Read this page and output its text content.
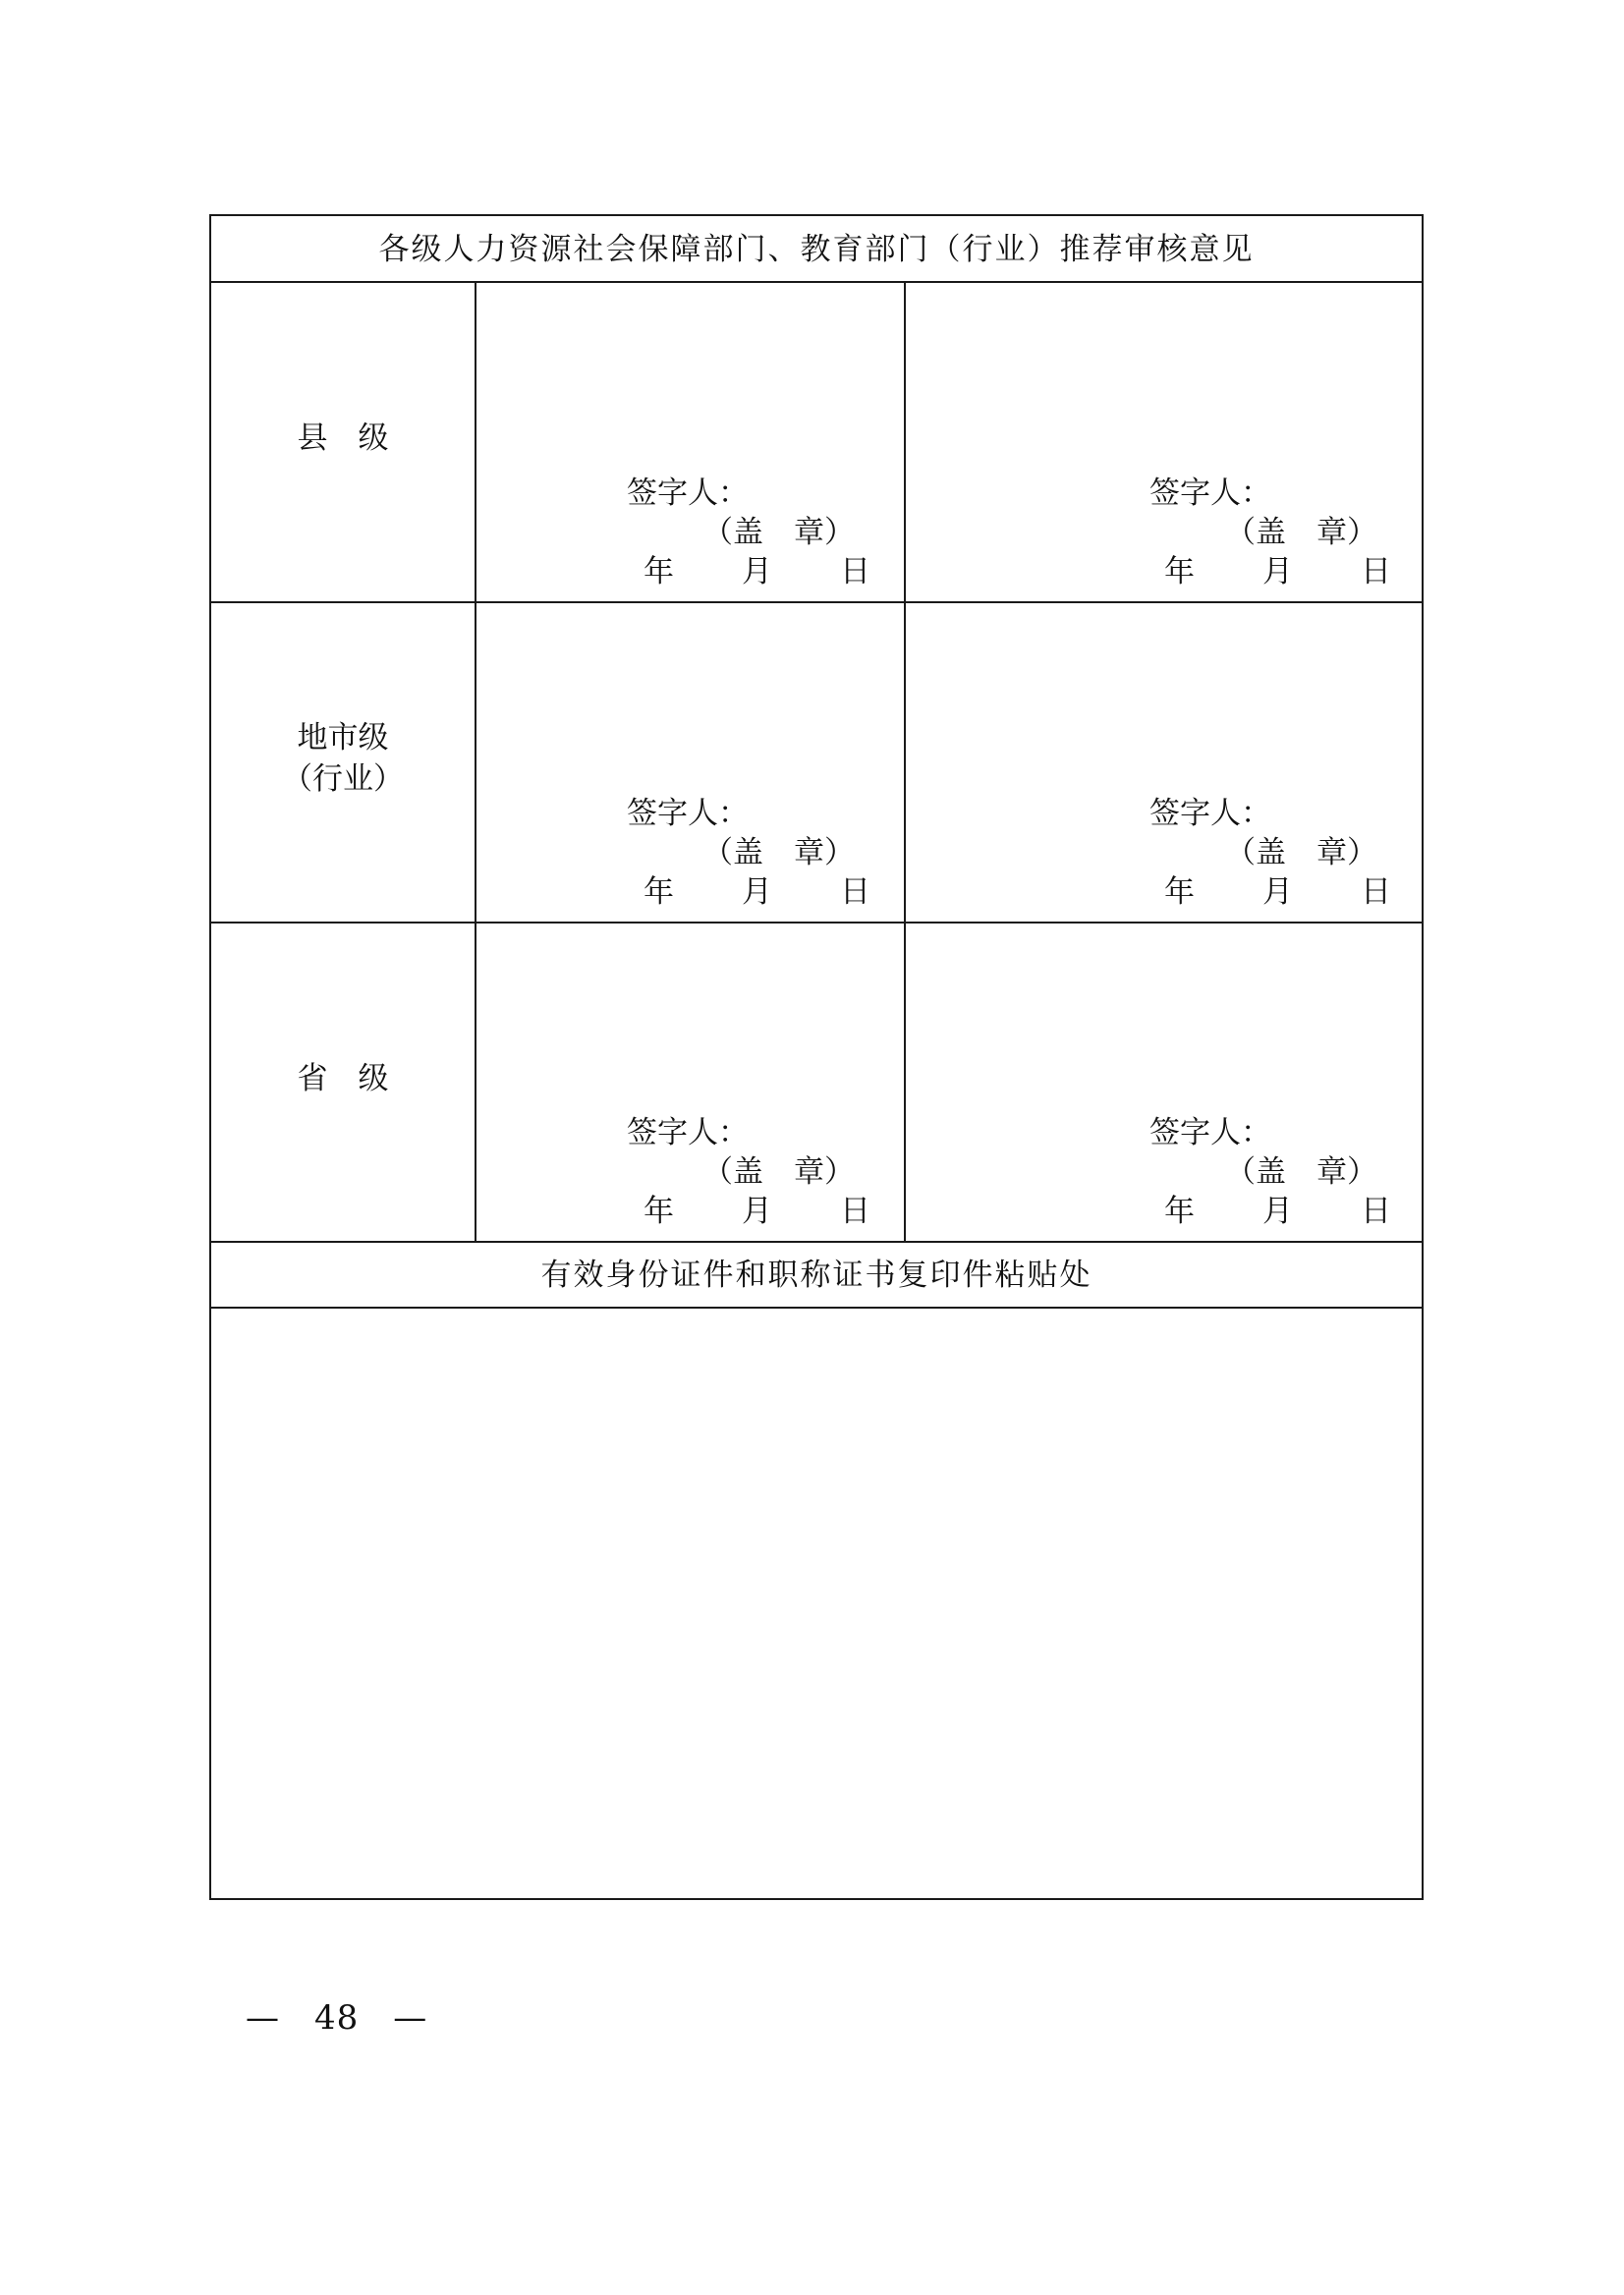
各级人力资源社会保障部门、教育部门（行业）推荐审核意见
县　级
签字人：
（盖　章）
年 月 日
签字人：
（盖　章）
年 月 日
地市级
（行业）
签字人：
（盖　章）
年 月 日
签字人：
（盖　章）
年 月 日
省　级
签字人：
（盖　章）
年 月 日
签字人：
（盖　章）
年 月 日
有效身份证件和职称证书复印件粘贴处
—　48　—
